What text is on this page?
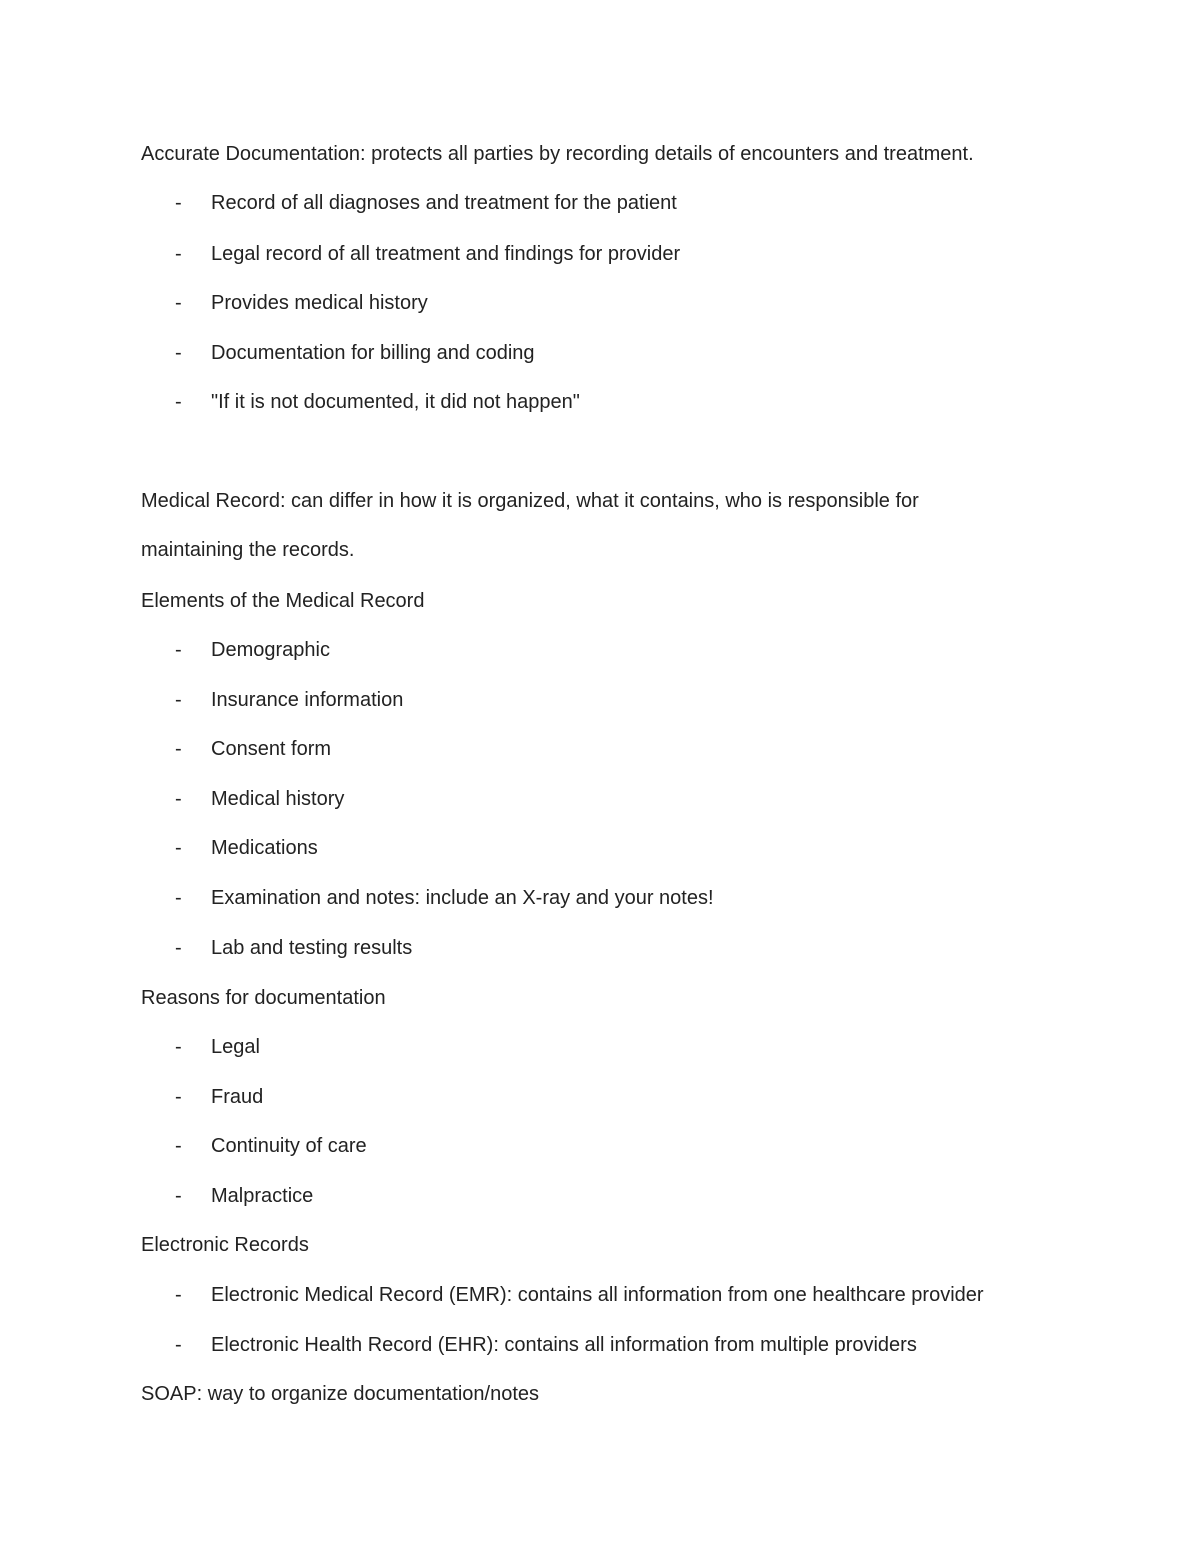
Accurate Documentation: protects all parties by recording details of encounters and treatment.
- Record of all diagnoses and treatment for the patient
- Legal record of all treatment and findings for provider
- Provides medical history
- Documentation for billing and coding
- "If it is not documented, it did not happen"
Medical Record: can differ in how it is organized, what it contains, who is responsible for
maintaining the records.
Elements of the Medical Record
- Demographic
- Insurance information
- Consent form
- Medical history
- Medications
- Examination and notes: include an X-ray and your notes!
- Lab and testing results
Reasons for documentation
- Legal
- Fraud
- Continuity of care
- Malpractice
Electronic Records
- Electronic Medical Record (EMR): contains all information from one healthcare provider
- Electronic Health Record (EHR): contains all information from multiple providers
SOAP: way to organize documentation/notes
